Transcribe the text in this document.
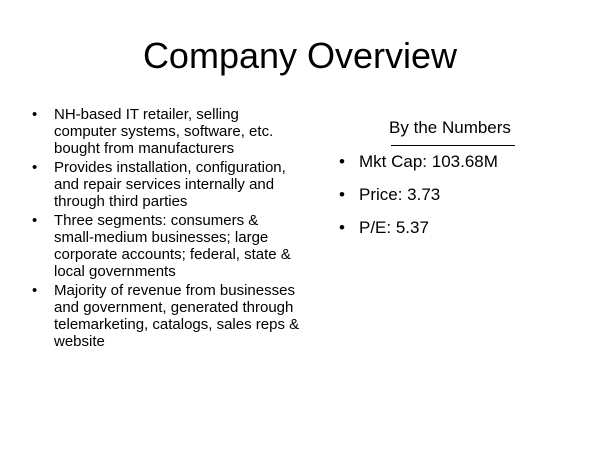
Company Overview
• NH-based IT retailer, selling computer systems, software, etc. bought from manufacturers
• Provides installation, configuration, and repair services internally and through third parties
• Three segments: consumers & small-medium businesses; large corporate accounts; federal, state & local governments
• Majority of revenue from businesses and government, generated through telemarketing, catalogs, sales reps & website
By the Numbers
• Mkt Cap: 103.68M
• Price: 3.73
• P/E: 5.37
